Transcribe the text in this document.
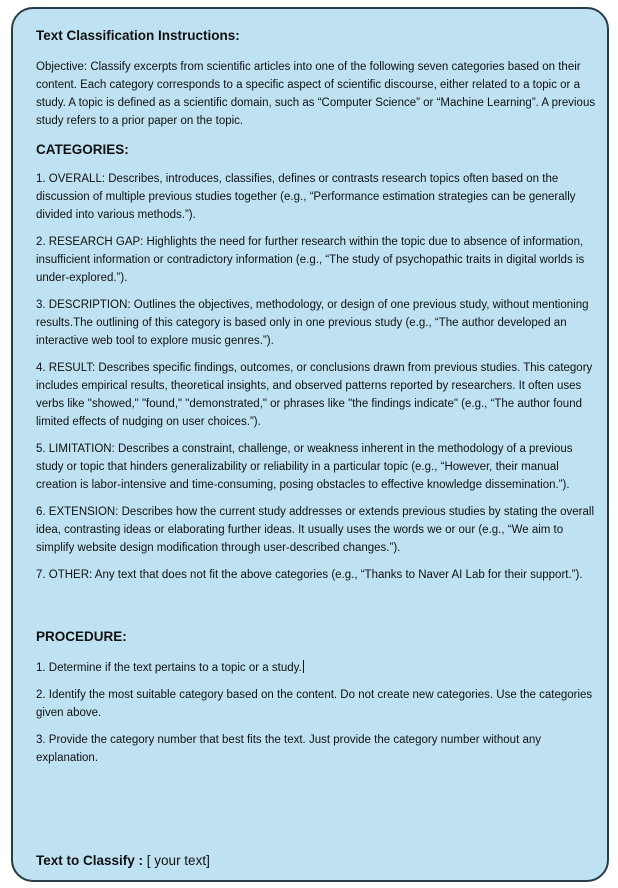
Text Classification Instructions:

Objective: Classify excerpts from scientific articles into one of the following seven categories based on their content. Each category corresponds to a specific aspect of scientific discourse, either related to a topic or a study. A topic is defined as a scientific domain, such as “Computer Science” or “Machine Learning”. A previous study refers to a prior paper on the topic.

CATEGORIES:

1. OVERALL: Describes, introduces, classifies, defines or contrasts research topics often based on the discussion of multiple previous studies together (e.g., “Performance estimation strategies can be generally divided into various methods.”).

2. RESEARCH GAP: Highlights the need for further research within the topic due to absence of information, insufficient information or contradictory information (e.g., “The study of psychopathic traits in digital worlds is under-explored.”).

3. DESCRIPTION: Outlines the objectives, methodology, or design of one previous study, without mentioning results.The outlining of this category is based only in one previous study (e.g., “The author developed an interactive web tool to explore music genres.”).

4. RESULT: Describes specific findings, outcomes, or conclusions drawn from previous studies. This category includes empirical results, theoretical insights, and observed patterns reported by researchers. It often uses verbs like "showed," "found," "demonstrated," or phrases like "the findings indicate" (e.g., “The author found limited effects of nudging on user choices.”).

5. LIMITATION: Describes a constraint, challenge, or weakness inherent in the methodology of a previous study or topic that hinders generalizability or reliability in a particular topic (e.g., “However, their manual creation is labor-intensive and time-consuming, posing obstacles to effective knowledge dissemination.”).

6. EXTENSION: Describes how the current study addresses or extends previous studies by stating the overall idea, contrasting ideas or elaborating further ideas. It usually uses the words we or our (e.g., “We aim to simplify website design modification through user-described changes.”).

7. OTHER: Any text that does not fit the above categories (e.g., “Thanks to Naver AI Lab for their support.”).

PROCEDURE:

1. Determine if the text pertains to a topic or a study.

2. Identify the most suitable category based on the content. Do not create new categories. Use the categories given above.

3. Provide the category number that best fits the text. Just provide the category number without any explanation.

Text to Classify : [ your text]
